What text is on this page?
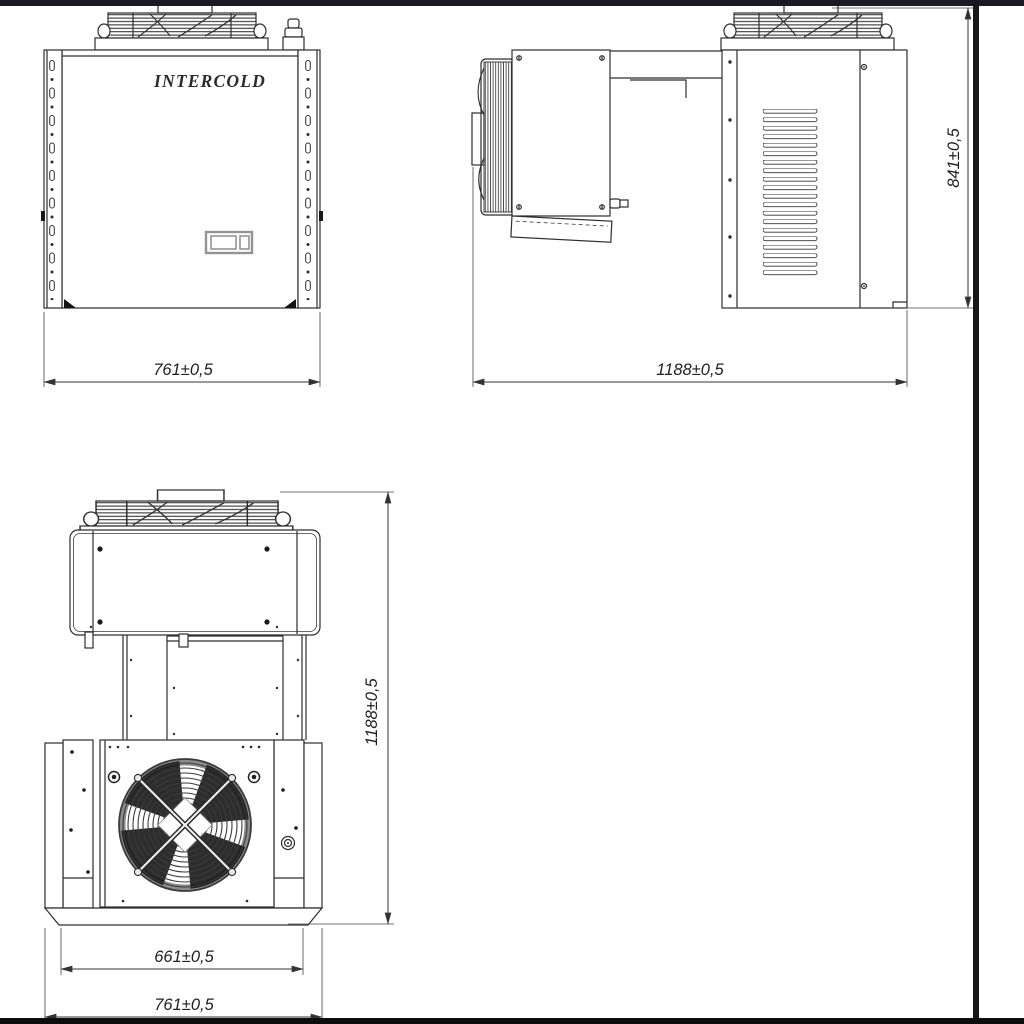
INTERCOLD
761±0,5	1188±0,5
841±0,5
1188±0,5
661±0,5
761±0,5
